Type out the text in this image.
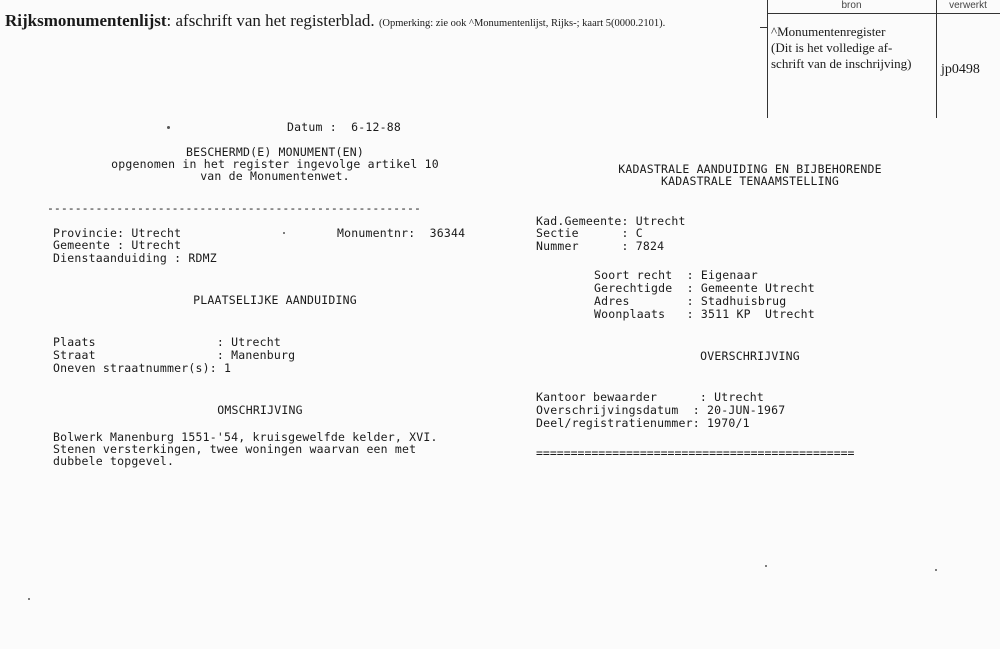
Rijksmonumentenlijst: afschrift van het registerblad. (Opmerking: zie ook ^Monumentenlijst, Rijks-; kaart 5(0000.2101).
bron	verwerkt
^Monumentenregister
(Dit is het volledige af-
schrift van de inschrijving) jp0498
Datum :  6-12-88
BESCHERMD(E) MONUMENT(EN)
opgenomen in het register ingevolge artikel 10
van de Monumentenwet.
------------------------------------------------------
Provincie: Utrecht	Monumentnr:  36344
Gemeente : Utrecht
Dienstaanduiding : RDMZ
PLAATSELIJKE AANDUIDING
Plaats                 : Utrecht
Straat                 : Manenburg
Oneven straatnummer(s): 1
OMSCHRIJVING
Bolwerk Manenburg 1551-'54, kruisgewelfde kelder, XVI.
Stenen versterkingen, twee woningen waarvan een met
dubbele topgevel.
KADASTRALE AANDUIDING EN BIJBEHORENDE
KADASTRALE TENAAMSTELLING
Kad.Gemeente: Utrecht
Sectie      : C
Nummer      : 7824
Soort recht  : Eigenaar
Gerechtigde  : Gemeente Utrecht
Adres        : Stadhuisbrug
Woonplaats   : 3511 KP  Utrecht
OVERSCHRIJVING
Kantoor bewaarder      : Utrecht
Overschrijvingsdatum  : 20-JUN-1967
Deel/registratienummer: 1970/1
==============================================
